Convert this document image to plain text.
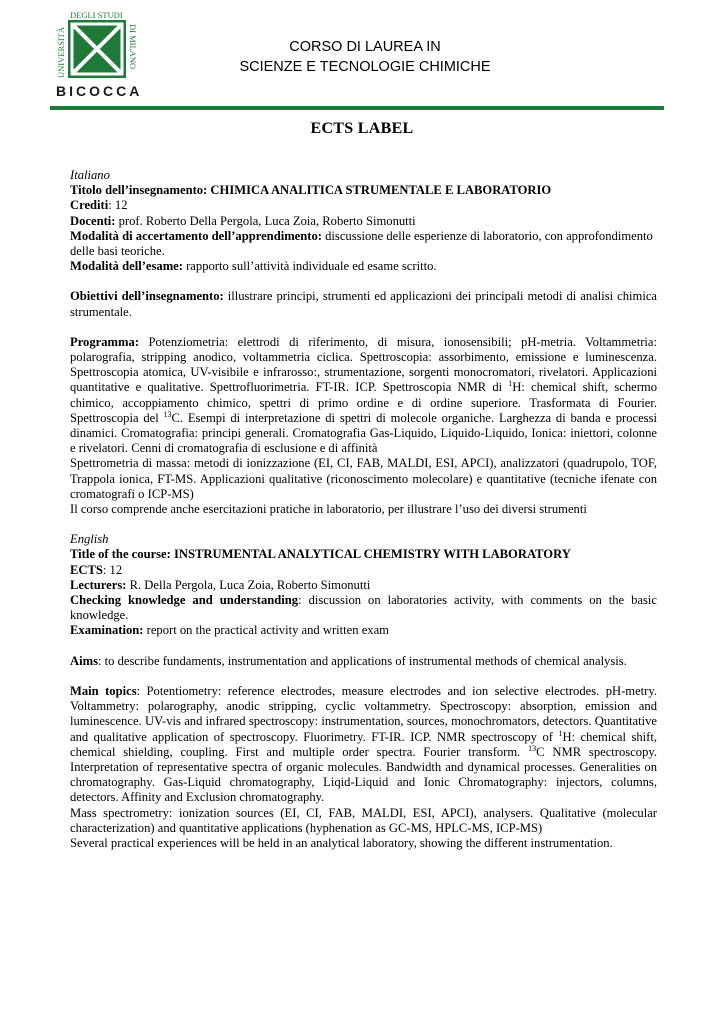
UNIVERSITÀ
DEGLI STUDI
DI MILANO
BICOCCA
CORSO DI LAUREA IN
SCIENZE E TECNOLOGIE CHIMICHE
ECTS LABEL

Italiano

Titolo dell’insegnamento: CHIMICA ANALITICA STRUMENTALE E LABORATORIO

Crediti: 12

Docenti: prof. Roberto Della Pergola, Luca Zoia, Roberto Simonutti

Modalità di accertamento dell’apprendimento: discussione delle esperienze di laboratorio, con approfondimento delle basi teoriche.

Modalità dell’esame: rapporto sull’attività individuale ed esame scritto.

Obiettivi dell’insegnamento: illustrare principi, strumenti ed applicazioni dei principali metodi di analisi chimica strumentale.

Programma: Potenziometria: elettrodi di riferimento, di misura, ionosensibili; pH-metria. Voltammetria: polarografia, stripping anodico, voltammetria ciclica. Spettroscopia: assorbimento, emissione e luminescenza. Spettroscopia atomica, UV-visibile e infrarosso:, strumentazione, sorgenti monocromatori, rivelatori. Applicazioni quantitative e qualitative. Spettrofluorimetria. FT-IR. ICP. Spettroscopia NMR di $^1$H: chemical shift, schermo chimico, accoppiamento chimico, spettri di primo ordine e di ordine superiore. Trasformata di Fourier. Spettroscopia del $^{13}$C. Esempi di interpretazione di spettri di molecole organiche. Larghezza di banda e processi dinamici. Cromatografia: principi generali. Cromatografia Gas-Liquido, Liquido-Liquido, Ionica: iniettori, colonne e rivelatori. Cenni di cromatografia di esclusione e di affinità

Spettrometria di massa: metodi di ionizzazione (EI, CI, FAB, MALDI, ESI, APCI), analizzatori (quadrupolo, TOF, Trappola ionica, FT-MS. Applicazioni qualitative (riconoscimento molecolare) e quantitative (tecniche ifenate con cromatografi o ICP-MS)

Il corso comprende anche esercitazioni pratiche in laboratorio, per illustrare l’uso dei diversi strumenti

English

Title of the course: INSTRUMENTAL ANALYTICAL CHEMISTRY WITH LABORATORY

ECTS: 12

Lecturers: R. Della Pergola, Luca Zoia, Roberto Simonutti

Checking knowledge and understanding: discussion on laboratories activity, with comments on the basic knowledge.

Examination: report on the practical activity and written exam

Aims: to describe fundaments, instrumentation and applications of instrumental methods of chemical analysis.

Main topics: Potentiometry: reference electrodes, measure electrodes and ion selective electrodes. pH-metry. Voltammetry: polarography, anodic stripping, cyclic voltammetry. Spectroscopy: absorption, emission and luminescence. UV-vis and infrared spectroscopy: instrumentation, sources, monochromators, detectors. Quantitative and qualitative application of spectroscopy. Fluorimetry. FT-IR. ICP. NMR spectroscopy of $^1$H: chemical shift, chemical shielding, coupling. First and multiple order spectra. Fourier transform. $^{13}$C NMR spectroscopy. Interpretation of representative spectra of organic molecules. Bandwidth and dynamical processes. Generalities on chromatography. Gas-Liquid chromatography, Liqid-Liquid and Ionic Chromatography: injectors, columns, detectors. Affinity and Exclusion chromatography.

Mass spectrometry: ionization sources (EI, CI, FAB, MALDI, ESI, APCI), analysers. Qualitative (molecular characterization) and quantitative applications (hyphenation as GC-MS, HPLC-MS, ICP-MS)

Several practical experiences will be held in an analytical laboratory, showing the different instrumentation.
